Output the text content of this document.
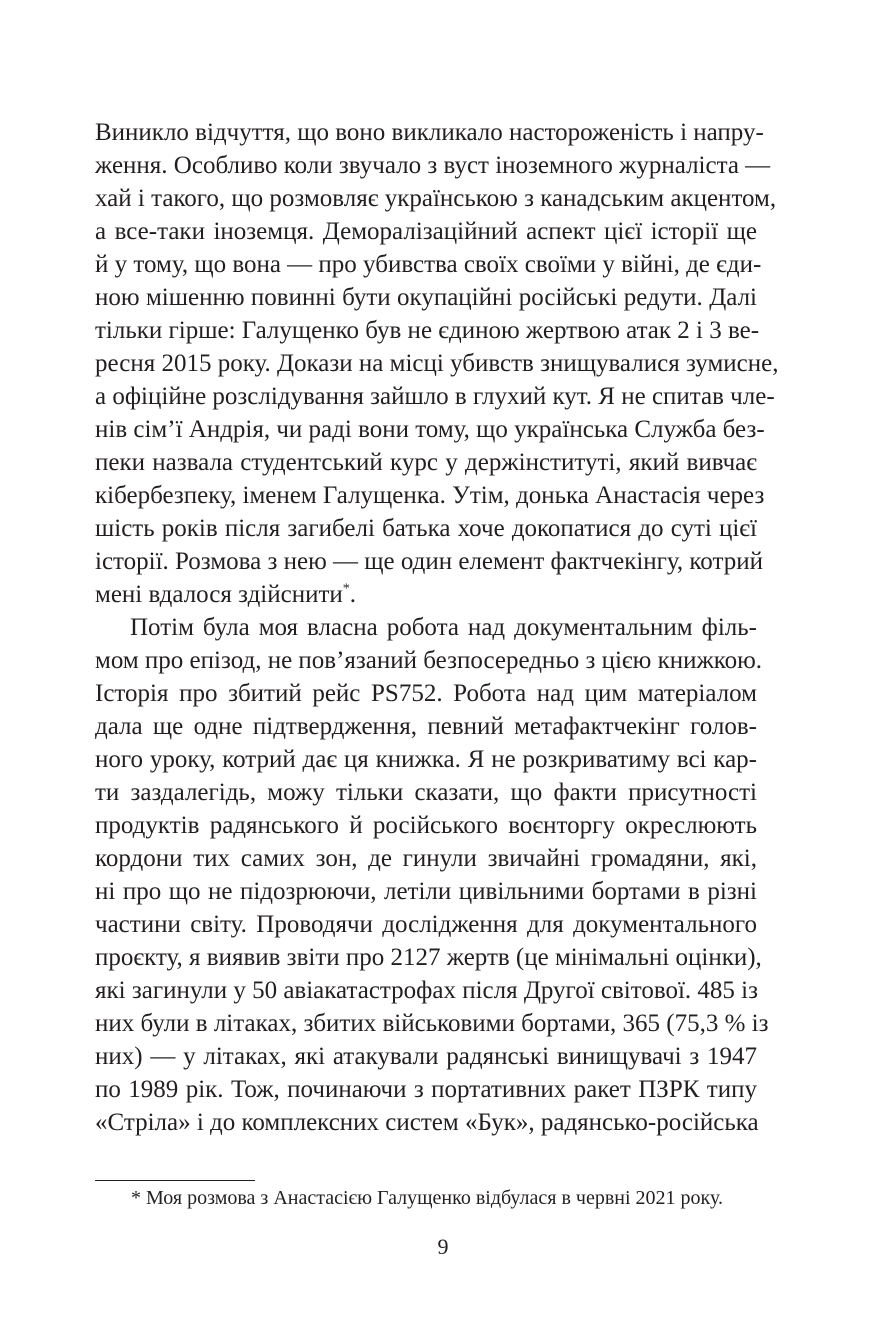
Виникло відчуття, що воно викликало настороженість і напру-
ження. Особливо коли звучало з вуст іноземного журналіста —
хай і такого, що розмовляє українською з канадським акцентом,
а все-таки іноземця. Деморалізаційний аспект цієї історії ще
й у тому, що вона — про убивства своїх своїми у війні, де єди-
ною мішенню повинні бути окупаційні російські редути. Далі
тільки гірше: Галущенко був не єдиною жертвою атак 2 і 3 ве-
ресня 2015 року. Докази на місці убивств знищувалися зумисне,
а офіційне розслідування зайшло в глухий кут. Я не спитав чле-
нів сім’ї Андрія, чи раді вони тому, що українська Служба без-
пеки назвала студентський курс у держінституті, який вивчає
кібербезпеку, іменем Галущенка. Утім, донька Анастасія через
шість років після загибелі батька хоче докопатися до суті цієї
історії. Розмова з нею — ще один елемент фактчекінгу, котрий
мені вдалося здійснити*.
Потім була моя власна робота над документальним філь-
мом про епізод, не пов’язаний безпосередньо з цією книжкою.
Історія про збитий рейс PS752. Робота над цим матеріалом
дала ще одне підтвердження, певний метафактчекінг голов-
ного уроку, котрий дає ця книжка. Я не розкриватиму всі кар-
ти заздалегідь, можу тільки сказати, що факти присутності
продуктів радянського й російського воєнторгу окреслюють
кордони тих самих зон, де гинули звичайні громадяни, які,
ні про що не підозрюючи, летіли цивільними бортами в різні
частини світу. Проводячи дослідження для документального
проєкту, я виявив звіти про 2127 жертв (це мінімальні оцінки),
які загинули у 50 авіакатастрофах після Другої світової. 485 із
них були в літаках, збитих військовими бортами, 365 (75,3 % із
них) — у літаках, які атакували радянські винищувачі з 1947
по 1989 рік. Тож, починаючи з портативних ракет ПЗРК типу
«Стріла» і до комплексних систем «Бук», радянсько-російська
* Моя розмова з Анастасією Галущенко відбулася в червні 2021 року.
9
